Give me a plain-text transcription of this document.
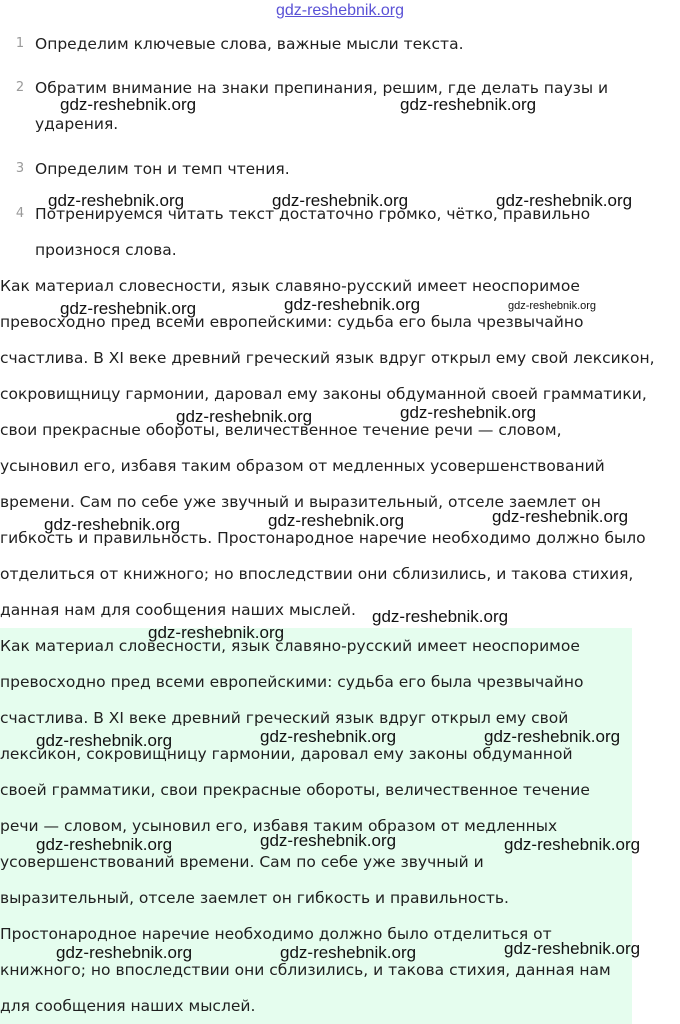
gdz-reshebnik.org
1 Определим ключевые слова, важные мысли текста.
2 Обратим внимание на знаки препинания, решим, где делать паузы и
ударения.
3 Определим тон и темп чтения.
4 Потренируемся читать текст достаточно громко, чётко, правильно
произнося слова.
Как материал словесности, язык славяно-русский имеет неоспоримое
превосходно пред всеми европейскими: судьба его была чрезвычайно
счастлива. В XI веке древний греческий язык вдруг открыл ему свой лексикон,
сокровищницу гармонии, даровал ему законы обдуманной своей грамматики,
свои прекрасные обороты, величественное течение речи — словом,
усыновил его, избавя таким образом от медленных усовершенствований
времени. Сам по себе уже звучный и выразительный, отселе заемлет он
гибкость и правильность. Простонародное наречие необходимо должно было
отделиться от книжного; но впоследствии они сблизились, и такова стихия,
данная нам для сообщения наших мыслей.
Как материал словесности, язык славяно-русский имеет неоспоримое
превосходно пред всеми европейскими: судьба его была чрезвычайно
счастлива. В XI веке древний греческий язык вдруг открыл ему свой
лексикон, сокровищницу гармонии, даровал ему законы обдуманной
своей грамматики, свои прекрасные обороты, величественное течение
речи — словом, усыновил его, избавя таким образом от медленных
усовершенствований времени. Сам по себе уже звучный и
выразительный, отселе заемлет он гибкость и правильность.
Простонародное наречие необходимо должно было отделиться от
книжного; но впоследствии они сблизились, и такова стихия, данная нам
для сообщения наших мыслей.
gdz-reshebnik.org	gdz-reshebnik.org
gdz-reshebnik.org	gdz-reshebnik.org	gdz-reshebnik.org
gdz-reshebnik.org	gdz-reshebnik.org	gdz-reshebnik.org
gdz-reshebnik.org	gdz-reshebnik.org
gdz-reshebnik.org	gdz-reshebnik.org	gdz-reshebnik.org
gdz-reshebnik.org
gdz-reshebnik.org
gdz-reshebnik.org	gdz-reshebnik.org	gdz-reshebnik.org
gdz-reshebnik.org	gdz-reshebnik.org	gdz-reshebnik.org
gdz-reshebnik.org	gdz-reshebnik.org	gdz-reshebnik.org
